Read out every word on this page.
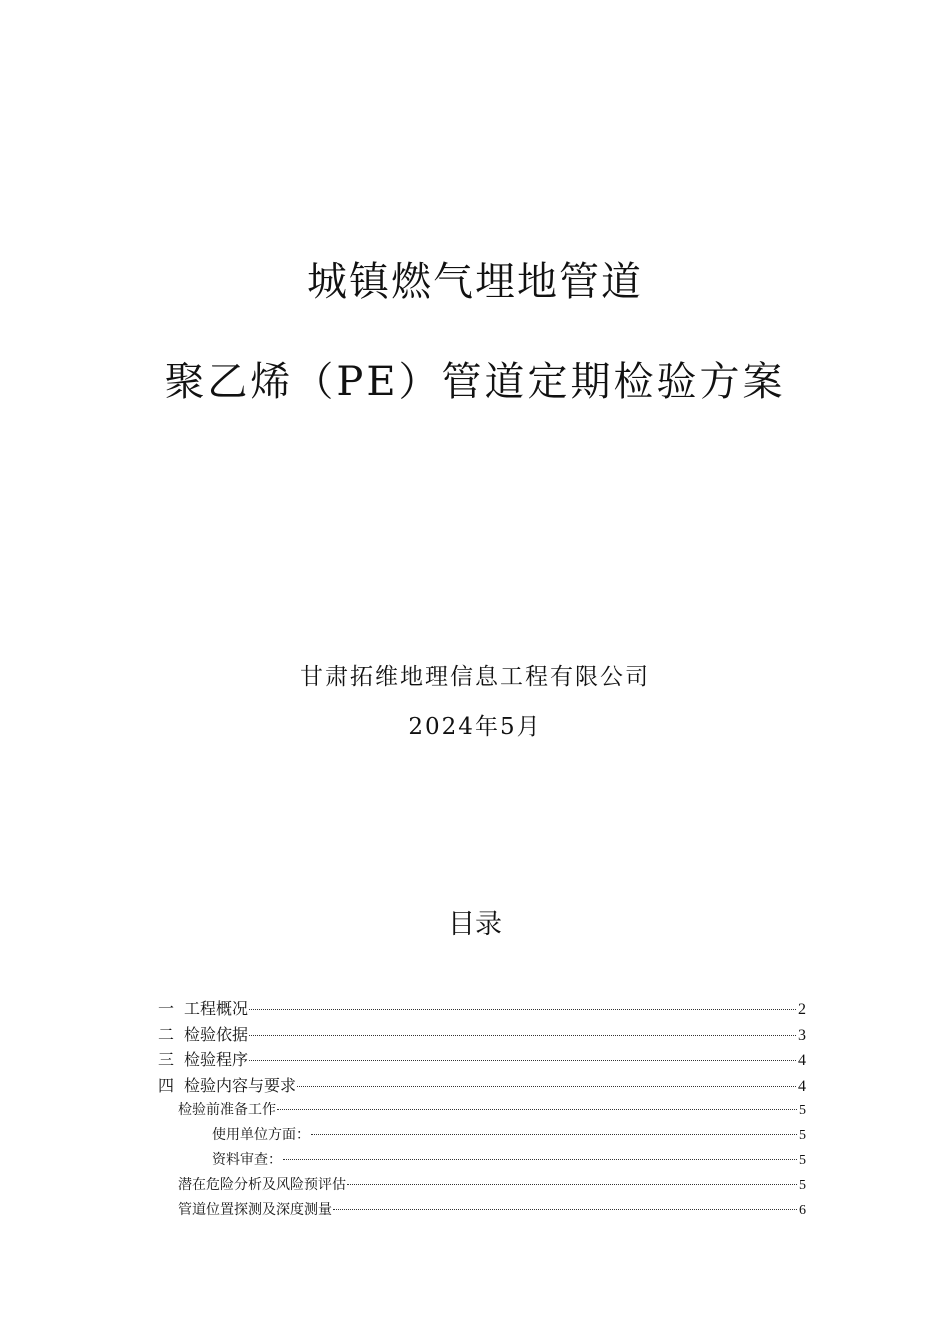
城镇燃气埋地管道
聚乙烯（PE）管道定期检验方案
甘肃拓维地理信息工程有限公司
2024年5月
目录
一 工程概况	2
二 检验依据	3
三 检验程序	4
四 检验内容与要求	4
检验前准备工作	5
使用单位方面：	5
资料审查：	5
潜在危险分析及风险预评估	5
管道位置探测及深度测量	6
